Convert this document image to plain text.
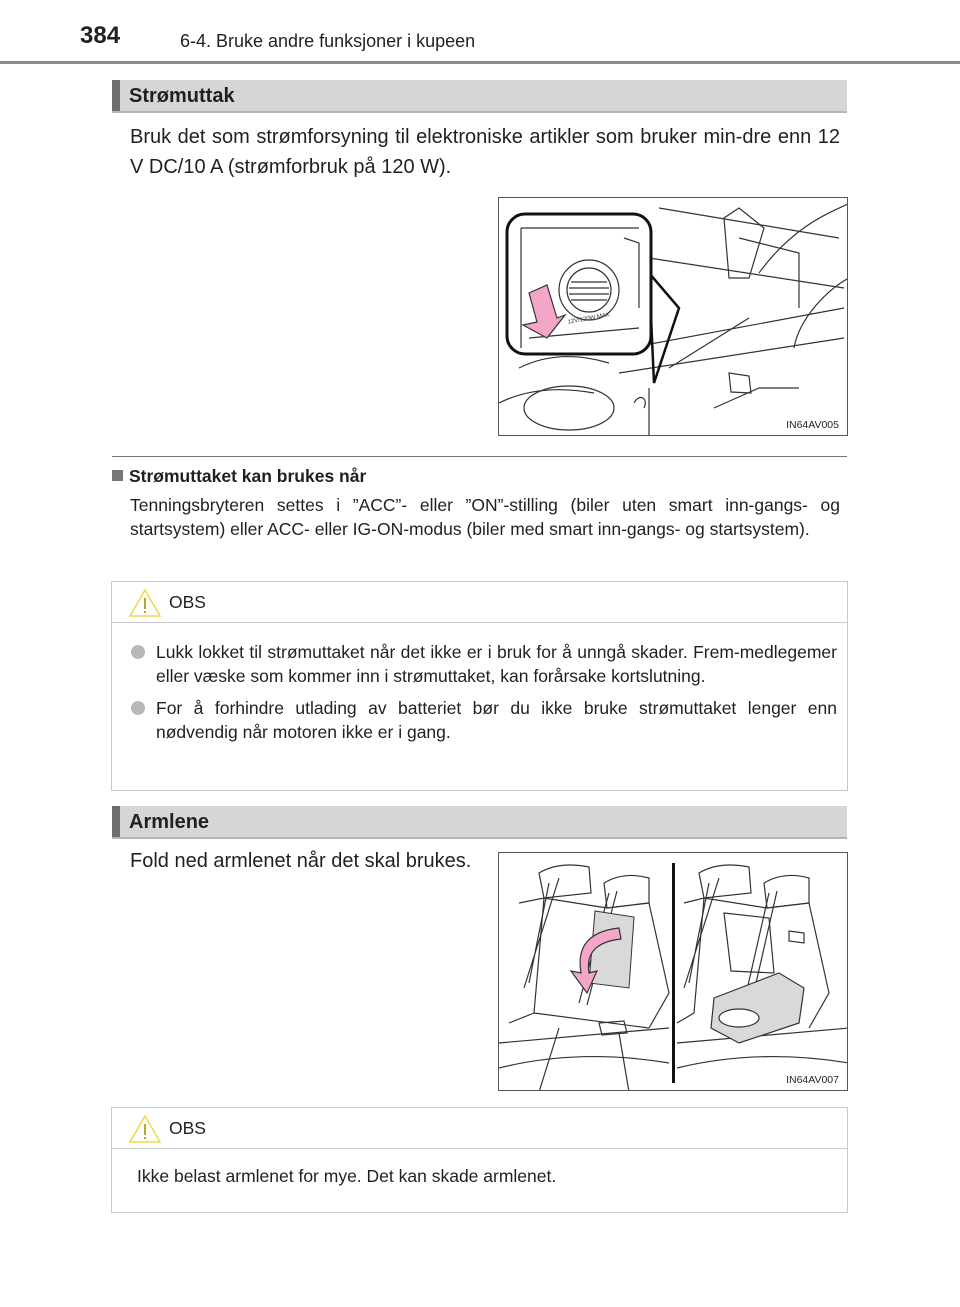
384	6-4. Bruke andre funksjoner i kupeen
Strømuttak
Bruk det som strømforsyning til elektroniske artikler som bruker min-dre enn 12 V DC/10 A (strømforbruk på 120 W).
12V/120W MAX
IN64AV005
Strømuttaket kan brukes når
Tenningsbryteren settes i ”ACC”- eller ”ON”-stilling (biler uten smart inn-gangs- og startsystem) eller ACC- eller IG-ON-modus (biler med smart inn-gangs- og startsystem).
OBS
Lukk lokket til strømuttaket når det ikke er i bruk for å unngå skader. Frem-medlegemer eller væske som kommer inn i strømuttaket, kan forårsake kortslutning.
For å forhindre utlading av batteriet bør du ikke bruke strømuttaket lenger enn nødvendig når motoren ikke er i gang.
Armlene
Fold ned armlenet når det skal brukes.
IN64AV007
OBS
Ikke belast armlenet for mye. Det kan skade armlenet.
